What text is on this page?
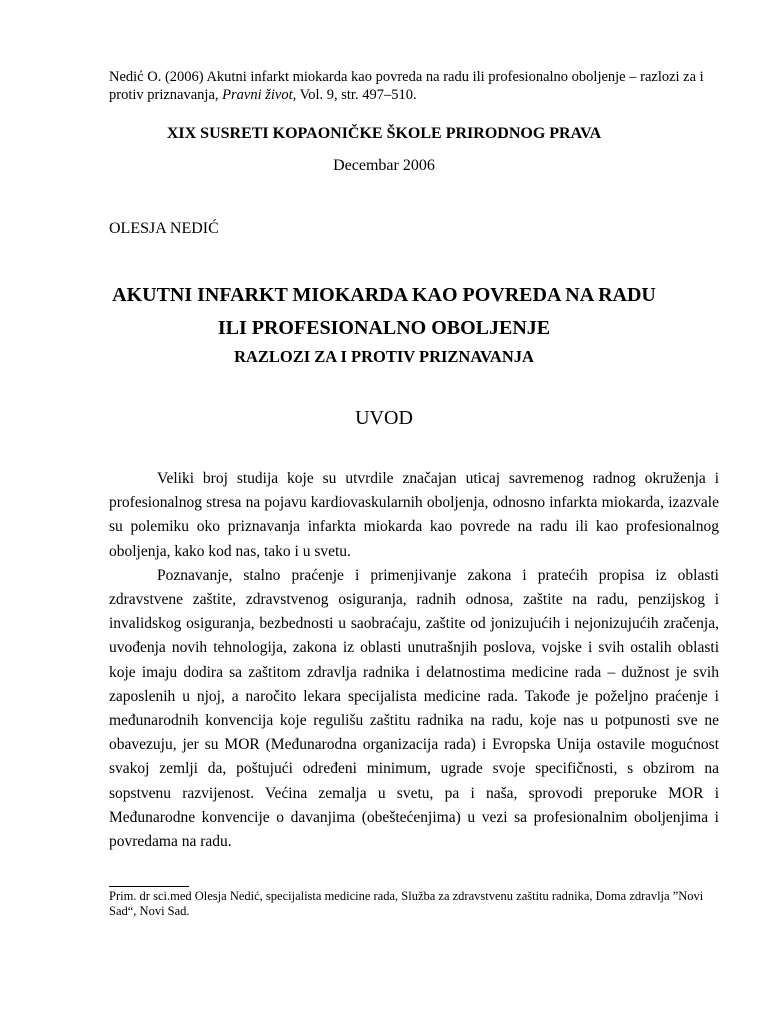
Nedić O. (2006) Akutni infarkt miokarda kao povreda na radu ili profesionalno oboljenje – razlozi za i protiv priznavanja, Pravni život, Vol. 9, str. 497–510.
XIX SUSRETI KOPAONIČKE ŠKOLE PRIRODNOG PRAVA
Decembar 2006
OLESJA NEDIĆ
AKUTNI INFARKT MIOKARDA KAO POVREDA NA RADU
ILI PROFESIONALNO OBOLJENJE
RAZLOZI ZA I PROTIV PRIZNAVANJA
UVOD

Veliki broj studija koje su utvrdile značajan uticaj savremenog radnog okruženja i profesionalnog stresa na pojavu kardiovaskularnih oboljenja, odnosno infarkta miokarda, izazvale su polemiku oko priznavanja infarkta miokarda kao povrede na radu ili kao profesionalnog oboljenja, kako kod nas, tako i u svetu.

Poznavanje, stalno praćenje i primenjivanje zakona i pratećih propisa iz oblasti zdravstvene zaštite, zdravstvenog osiguranja, radnih odnosa, zaštite na radu, penzijskog i invalidskog osiguranja, bezbednosti u saobraćaju, zaštite od jonizujućih i nejonizujućih zračenja, uvođenja novih tehnologija, zakona iz oblasti unutrašnjih poslova, vojske i svih ostalih oblasti koje imaju dodira sa zaštitom zdravlja radnika i delatnostima medicine rada – dužnost je svih zaposlenih u njoj, a naročito lekara specijalista medicine rada. Takođe je poželjno praćenje i međunarodnih konvencija koje regulišu zaštitu radnika na radu, koje nas u potpunosti sve ne obavezuju, jer su MOR (Međunarodna organizacija rada) i Evropska Unija ostavile mogućnost svakoj zemlji da, poštujući određeni minimum, ugrade svoje specifičnosti, s obzirom na sopstvenu razvijenost. Većina zemalja u svetu, pa i naša, sprovodi preporuke MOR i Međunarodne konvencije o davanjima (obeštećenjima) u vezi sa profesionalnim oboljenjima i povredama na radu.

Prim. dr sci.med Olesja Nedić, specijalista medicine rada, Služba za zdravstvenu zaštitu radnika, Doma zdravlja ”Novi Sad“, Novi Sad.
